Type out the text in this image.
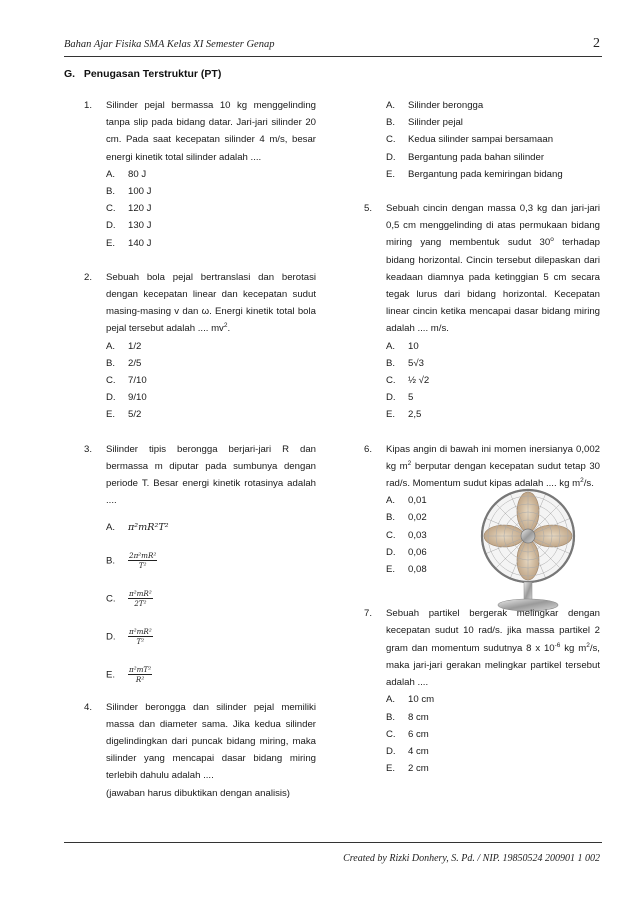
Bahan Ajar Fisika SMA Kelas XI Semester Genap	2
G.   Penugasan Terstruktur (PT)
1. Silinder pejal bermassa 10 kg menggelinding tanpa slip pada bidang datar. Jari-jari silinder 20 cm. Pada saat kecepatan silinder 4 m/s, besar energi kinetik total silinder adalah ....
A. 80 J
B. 100 J
C. 120 J
D. 130 J
E. 140 J
2. Sebuah bola pejal bertranslasi dan berotasi dengan kecepatan linear dan kecepatan sudut masing-masing v dan ω. Energi kinetik total bola pejal tersebut adalah .... $mv^2$.
A. 1/2
B. 2/5
C. 7/10
D. 9/10
E. 5/2
3. Silinder tipis berongga berjari-jari R dan bermassa m diputar pada sumbunya dengan periode T. Besar energi kinetik rotasinya adalah ....
A. π²mR²T²
B. $\frac{\text{2π²mR²}}{\text{T²}}$
C. $\frac{\text{π²mR²}}{\text{2T²}}$
D. $\frac{\text{π²mR²}}{\text{T²}}$
E. $\frac{\text{π²mT²}}{\text{R²}}$
4. Silinder berongga dan silinder pejal memiliki massa dan diameter sama. Jika kedua silinder digelindingkan dari puncak bidang miring, maka silinder yang mencapai dasar bidang miring terlebih dahulu adalah ....
(jawaban harus dibuktikan dengan analisis)
A. Silinder berongga
B. Silinder pejal
C. Kedua silinder sampai bersamaan
D. Bergantung pada bahan silinder
E. Bergantung pada kemiringan bidang
5. Sebuah cincin dengan massa 0,3 kg dan jari-jari 0,5 cm menggelinding di atas permukaan bidang miring yang membentuk sudut 30$^o$ terhadap bidang horizontal. Cincin tersebut dilepaskan dari keadaan diamnya pada ketinggian 5 cm secara tegak lurus dari bidang horizontal. Kecepatan linear cincin ketika mencapai dasar bidang miring adalah .... m/s.
A. 10
B. 5√3
C. ½ √2
D. 5
E. 2,5
6. Kipas angin di bawah ini momen inersianya 0,002 kg $m^2$ berputar dengan kecepatan sudut tetap 30 rad/s. Momentum sudut kipas adalah .... kg $m^2/s$.
A. 0,01
B. 0,02
C. 0,03
D. 0,06
E. 0,08
7. Sebuah partikel bergerak melingkar dengan kecepatan sudut 10 rad/s. jika massa partikel 2 gram dan momentum sudutnya 8 x $10^{-6}$ kg $m^2/s$, maka jari-jari gerakan melingkar partikel tersebut adalah ....
A. 10 cm
B. 8 cm
C. 6 cm
D. 4 cm
E. 2 cm
Created by Rizki Donhery, S. Pd. / NIP. 19850524 200901 1 002
